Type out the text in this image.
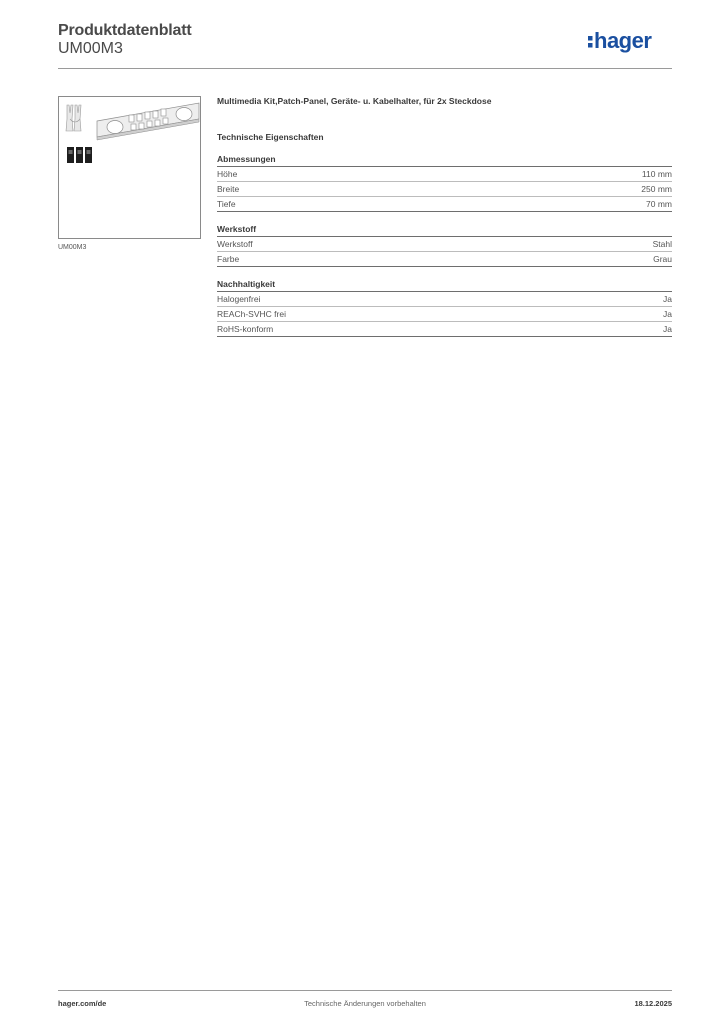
Produktdatenblatt
UM00M3	hager
UM00M3
Multimedia Kit,Patch-Panel, Geräte- u. Kabelhalter, für 2x Steckdose
Technische Eigenschaften
Abmessungen
Höhe	110 mm
Breite	250 mm
Tiefe	70 mm
Werkstoff
Werkstoff	Stahl
Farbe	Grau
Nachhaltigkeit
Halogenfrei	Ja
REACh-SVHC frei	Ja
RoHS-konform	Ja
hager.com/de	Technische Änderungen vorbehalten	18.12.2025
